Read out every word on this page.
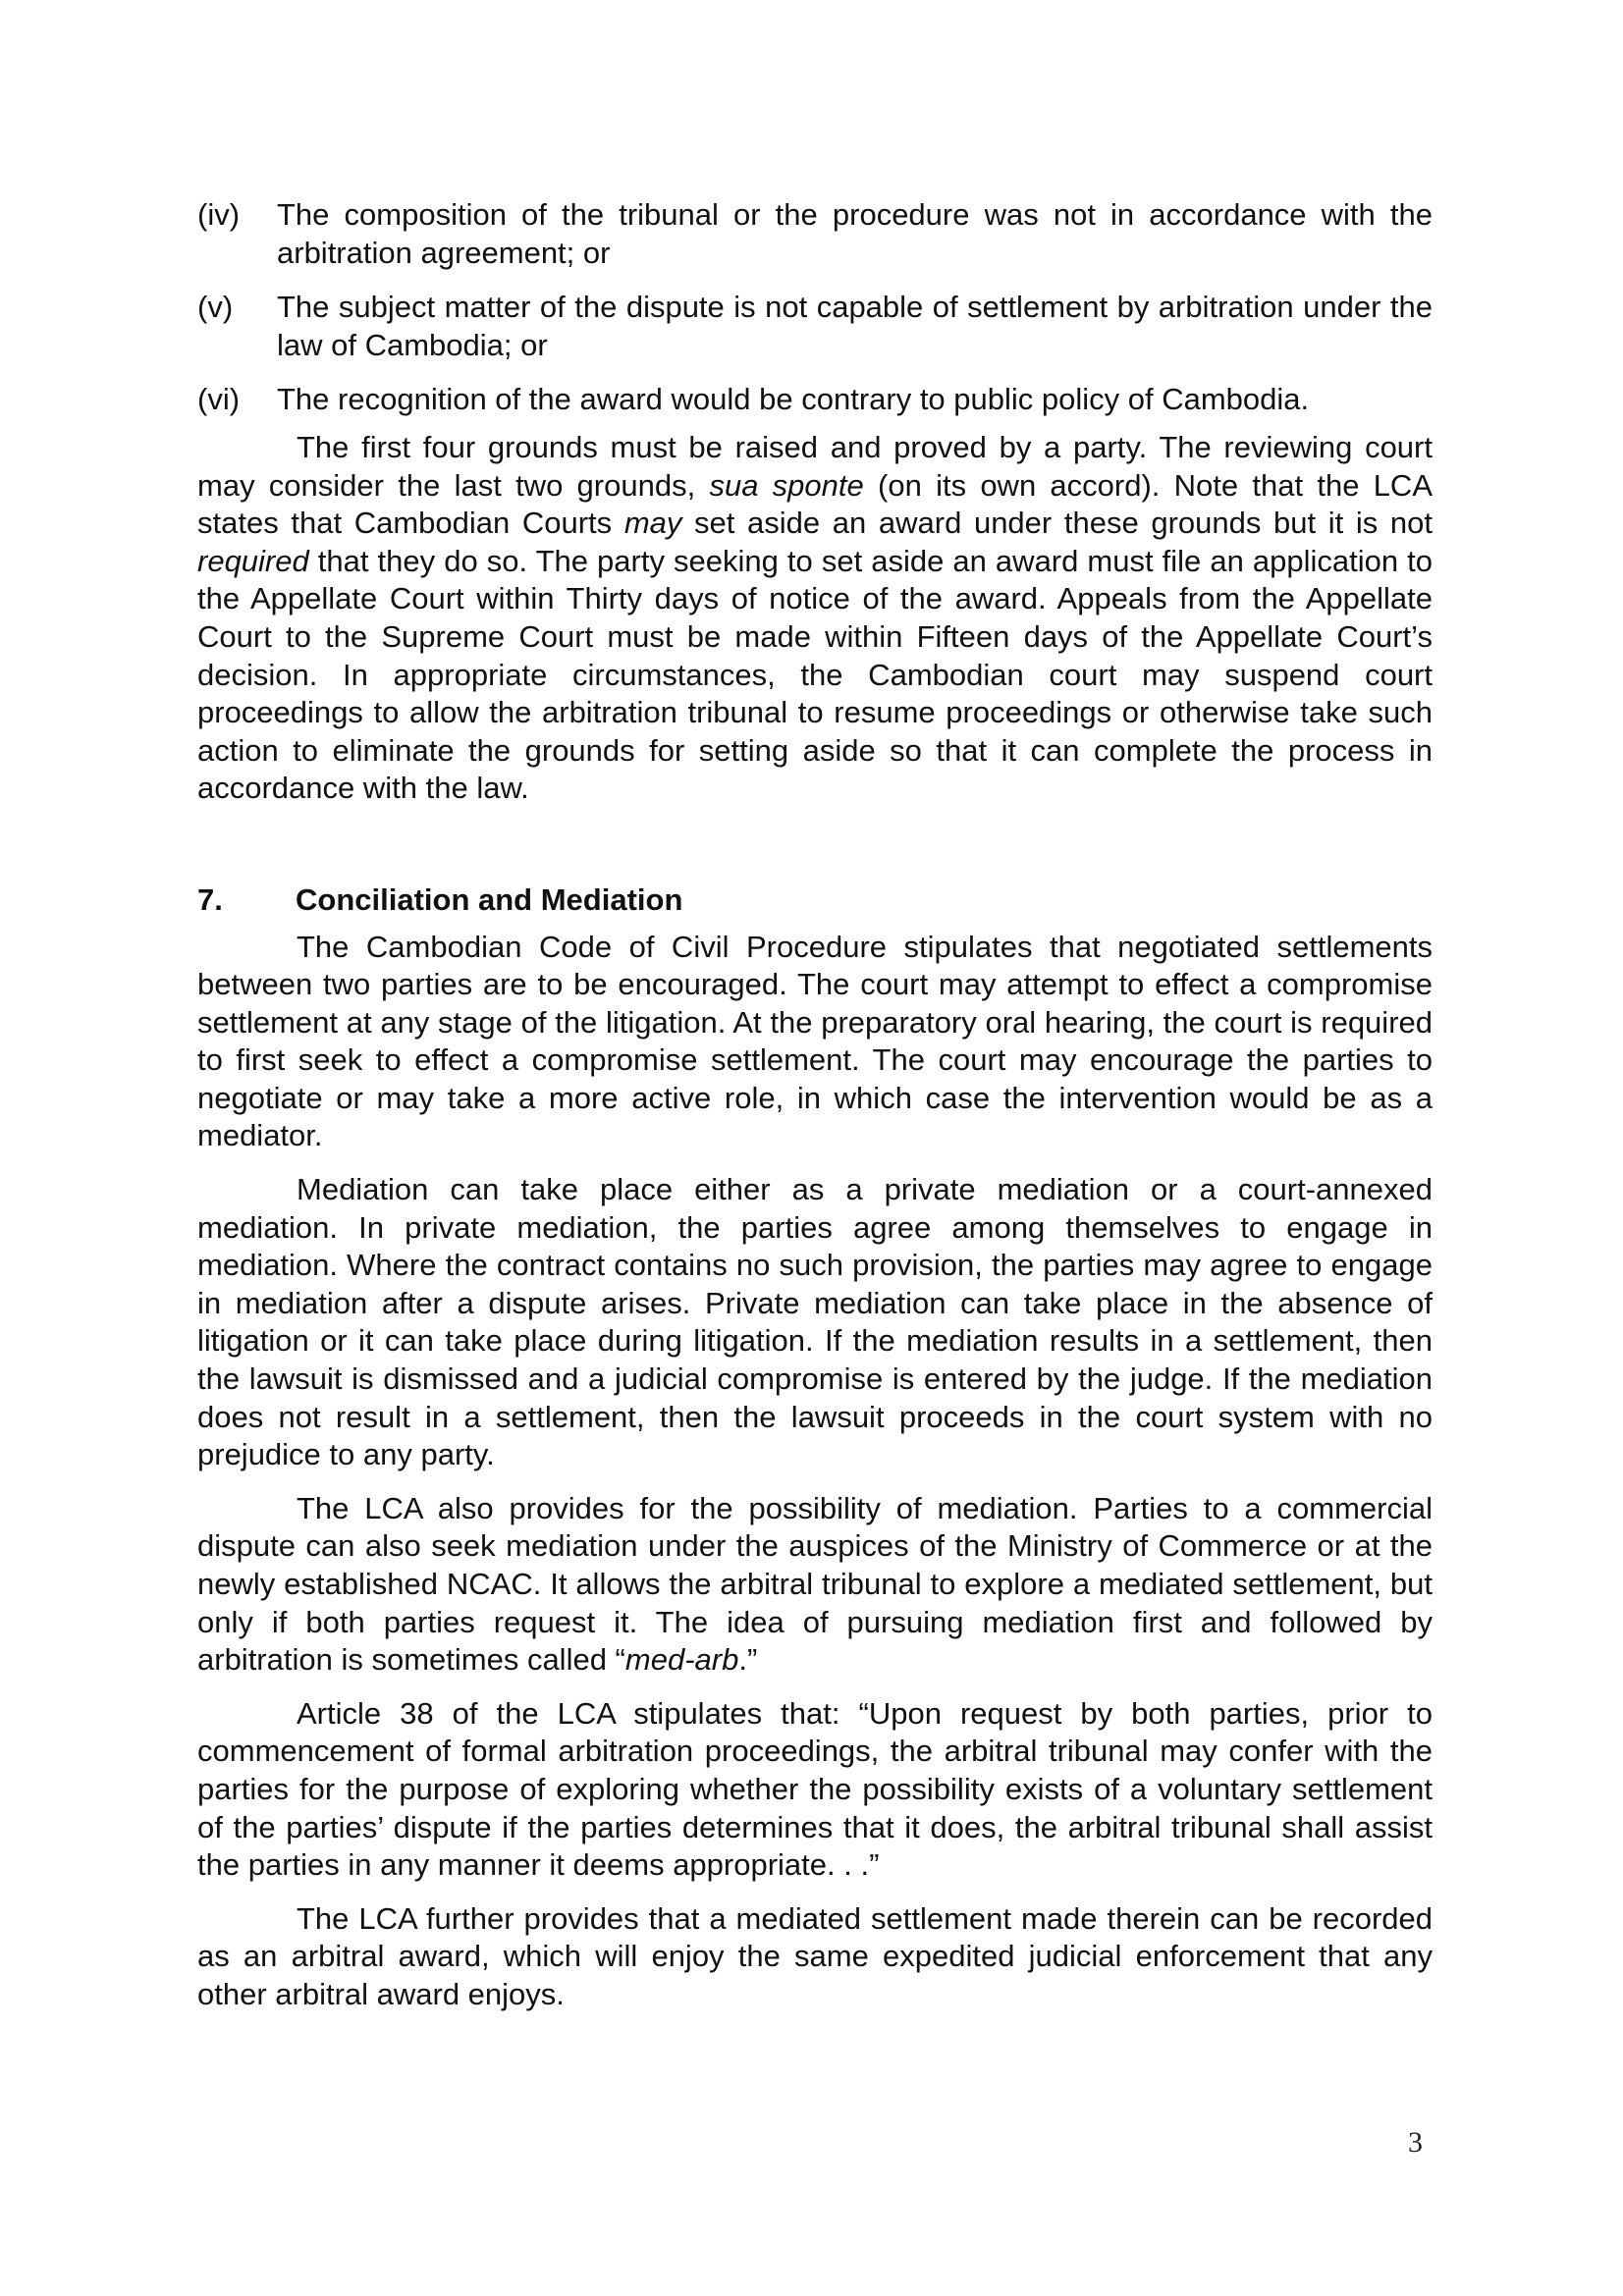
(iv) The composition of the tribunal or the procedure was not in accordance with the arbitration agreement; or
(v) The subject matter of the dispute is not capable of settlement by arbitration under the law of Cambodia; or
(vi) The recognition of the award would be contrary to public policy of Cambodia.

The first four grounds must be raised and proved by a party. The reviewing court may consider the last two grounds, sua sponte (on its own accord). Note that the LCA states that Cambodian Courts may set aside an award under these grounds but it is not required that they do so. The party seeking to set aside an award must file an application to the Appellate Court within Thirty days of notice of the award. Appeals from the Appellate Court to the Supreme Court must be made within Fifteen days of the Appellate Court’s decision. In appropriate circumstances, the Cambodian court may suspend court proceedings to allow the arbitration tribunal to resume proceedings or otherwise take such action to eliminate the grounds for setting aside so that it can complete the process in accordance with the law.

7.	Conciliation and Mediation

The Cambodian Code of Civil Procedure stipulates that negotiated settlements between two parties are to be encouraged. The court may attempt to effect a compromise settlement at any stage of the litigation. At the preparatory oral hearing, the court is required to first seek to effect a compromise settlement. The court may encourage the parties to negotiate or may take a more active role, in which case the intervention would be as a mediator.

Mediation can take place either as a private mediation or a court-annexed mediation. In private mediation, the parties agree among themselves to engage in mediation. Where the contract contains no such provision, the parties may agree to engage in mediation after a dispute arises. Private mediation can take place in the absence of litigation or it can take place during litigation. If the mediation results in a settlement, then the lawsuit is dismissed and a judicial compromise is entered by the judge. If the mediation does not result in a settlement, then the lawsuit proceeds in the court system with no prejudice to any party.

The LCA also provides for the possibility of mediation. Parties to a commercial dispute can also seek mediation under the auspices of the Ministry of Commerce or at the newly established NCAC. It allows the arbitral tribunal to explore a mediated settlement, but only if both parties request it. The idea of pursuing mediation first and followed by arbitration is sometimes called “med-arb.”

Article 38 of the LCA stipulates that: “Upon request by both parties, prior to commencement of formal arbitration proceedings, the arbitral tribunal may confer with the parties for the purpose of exploring whether the possibility exists of a voluntary settlement of the parties’ dispute if the parties determines that it does, the arbitral tribunal shall assist the parties in any manner it deems appropriate. . .”

The LCA further provides that a mediated settlement made therein can be recorded as an arbitral award, which will enjoy the same expedited judicial enforcement that any other arbitral award enjoys.

3
